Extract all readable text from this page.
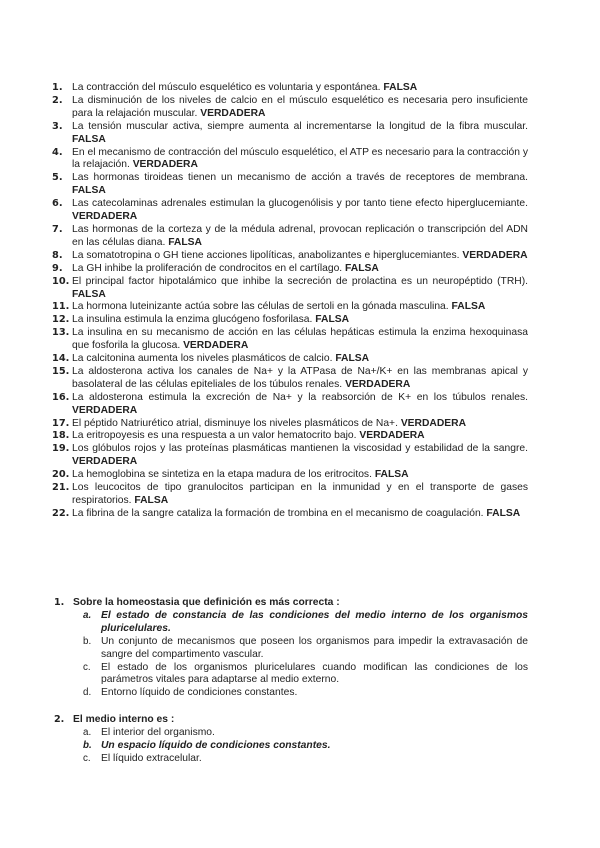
1. La contracción del músculo esquelético es voluntaria y espontánea. FALSA
2. La disminución de los niveles de calcio en el músculo esquelético es necesaria pero insuficiente para la relajación muscular. VERDADERA
3. La tensión muscular activa, siempre aumenta al incrementarse la longitud de la fibra muscular. FALSA
4. En el mecanismo de contracción del músculo esquelético, el ATP es necesario para la contracción y la relajación. VERDADERA
5. Las hormonas tiroideas tienen un mecanismo de acción a través de receptores de membrana. FALSA
6. Las catecolaminas adrenales estimulan la glucogenólisis y por tanto tiene efecto hiperglucemiante. VERDADERA
7. Las hormonas de la corteza y de la médula adrenal, provocan replicación o transcripción del ADN en las células diana. FALSA
8. La somatotropina o GH tiene acciones lipolíticas, anabolizantes e hiperglucemiantes. VERDADERA
9. La GH inhibe la proliferación de condrocitos en el cartílago. FALSA
10. El principal factor hipotalámico que inhibe la secreción de prolactina es un neuropéptido (TRH). FALSA
11. La hormona luteinizante actúa sobre las células de sertoli en la gónada masculina. FALSA
12. La insulina estimula la enzima glucógeno fosforilasa. FALSA
13. La insulina en su mecanismo de acción en las células hepáticas estimula la enzima hexoquinasa que fosforila la glucosa. VERDADERA
14. La calcitonina aumenta los niveles plasmáticos de calcio. FALSA
15. La aldosterona activa los canales de Na+ y la ATPasa de Na+/K+ en las membranas apical y basolateral de las células epiteliales de los túbulos renales. VERDADERA
16. La aldosterona estimula la excreción de Na+ y la reabsorción de K+ en los túbulos renales. VERDADERA
17. El péptido Natriurético atrial, disminuye los niveles plasmáticos de Na+. VERDADERA
18. La eritropoyesis es una respuesta a un valor hematocrito bajo. VERDADERA
19. Los glóbulos rojos y las proteínas plasmáticas mantienen la viscosidad y estabilidad de la sangre. VERDADERA
20. La hemoglobina se sintetiza en la etapa madura de los eritrocitos. FALSA
21. Los leucocitos de tipo granulocitos participan en la inmunidad y en el transporte de gases respiratorios. FALSA
22. La fibrina de la sangre cataliza la formación de trombina en el mecanismo de coagulación. FALSA
1. Sobre la homeostasia que definición es más correcta :
a. El estado de constancia de las condiciones del medio interno de los organismos pluricelulares.
b. Un conjunto de mecanismos que poseen los organismos para impedir la extravasación de sangre del compartimento vascular.
c.	El estado de los organismos pluricelulares cuando modifican las condiciones de los parámetros vitales para adaptarse al medio externo.
d. Entorno líquido de condiciones constantes.
2. El medio interno es :
a. El interior del organismo.
b. Un espacio líquido de condiciones constantes.
c.	El líquido extracelular.
